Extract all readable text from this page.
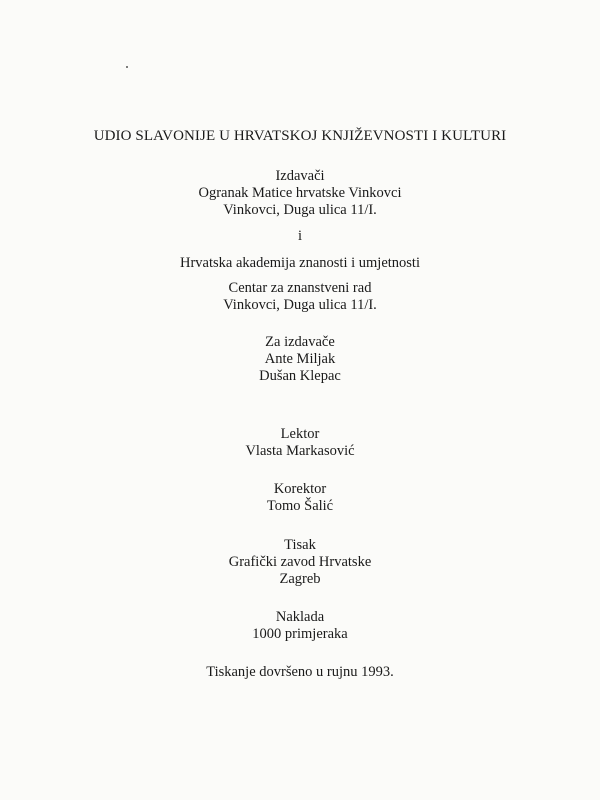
UDIO SLAVONIJE U HRVATSKOJ KNJIŽEVNOSTI I KULTURI
Izdavači
Ogranak Matice hrvatske Vinkovci
Vinkovci, Duga ulica 11/I.
i
Hrvatska akademija znanosti i umjetnosti
Centar za znanstveni rad
Vinkovci, Duga ulica 11/I.
Za izdavače
Ante Miljak
Dušan Klepac
Lektor
Vlasta Markasović
Korektor
Tomo Šalić
Tisak
Grafički zavod Hrvatske
Zagreb
Naklada
1000 primjeraka
Tiskanje dovršeno u rujnu 1993.
